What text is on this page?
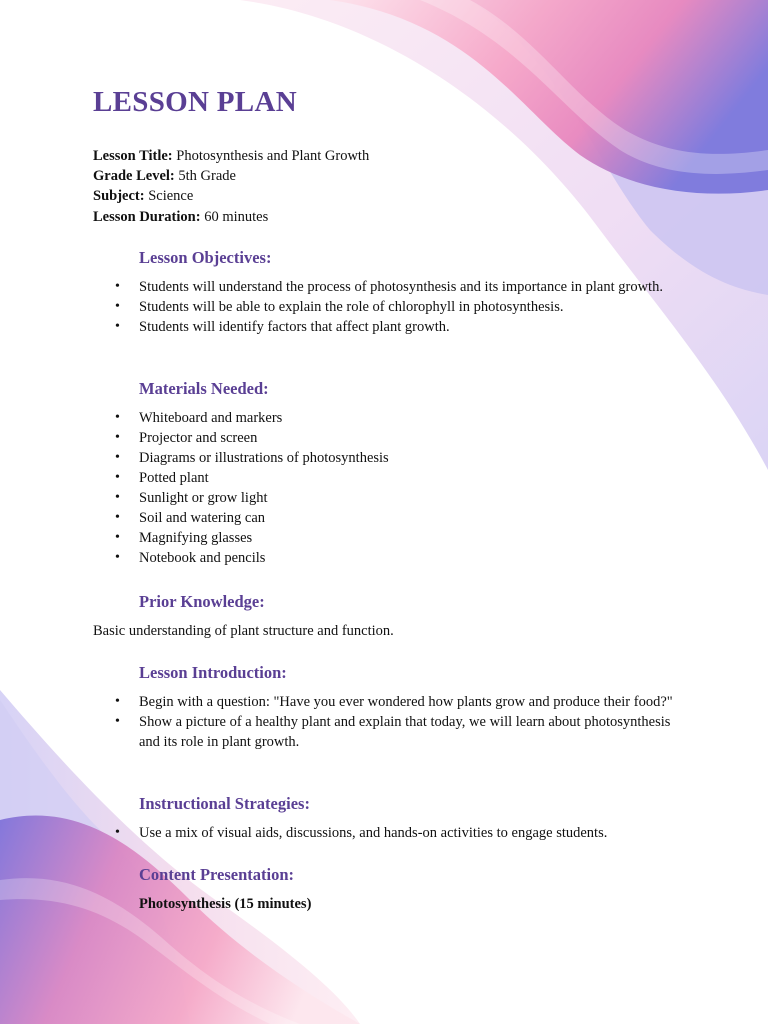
LESSON PLAN
Lesson Title: Photosynthesis and Plant Growth
Grade Level: 5th Grade
Subject: Science
Lesson Duration: 60 minutes
Lesson Objectives:
• Students will understand the process of photosynthesis and its importance in plant growth.
• Students will be able to explain the role of chlorophyll in photosynthesis.
• Students will identify factors that affect plant growth.
Materials Needed:
• Whiteboard and markers
• Projector and screen
• Diagrams or illustrations of photosynthesis
• Potted plant
• Sunlight or grow light
• Soil and watering can
• Magnifying glasses
• Notebook and pencils
Prior Knowledge:

Basic understanding of plant structure and function.

Lesson Introduction:
• Begin with a question: "Have you ever wondered how plants grow and produce their food?"
• Show a picture of a healthy plant and explain that today, we will learn about photosynthesis and its role in plant growth.
Instructional Strategies:
• Use a mix of visual aids, discussions, and hands-on activities to engage students.
Content Presentation:

Photosynthesis (15 minutes)
